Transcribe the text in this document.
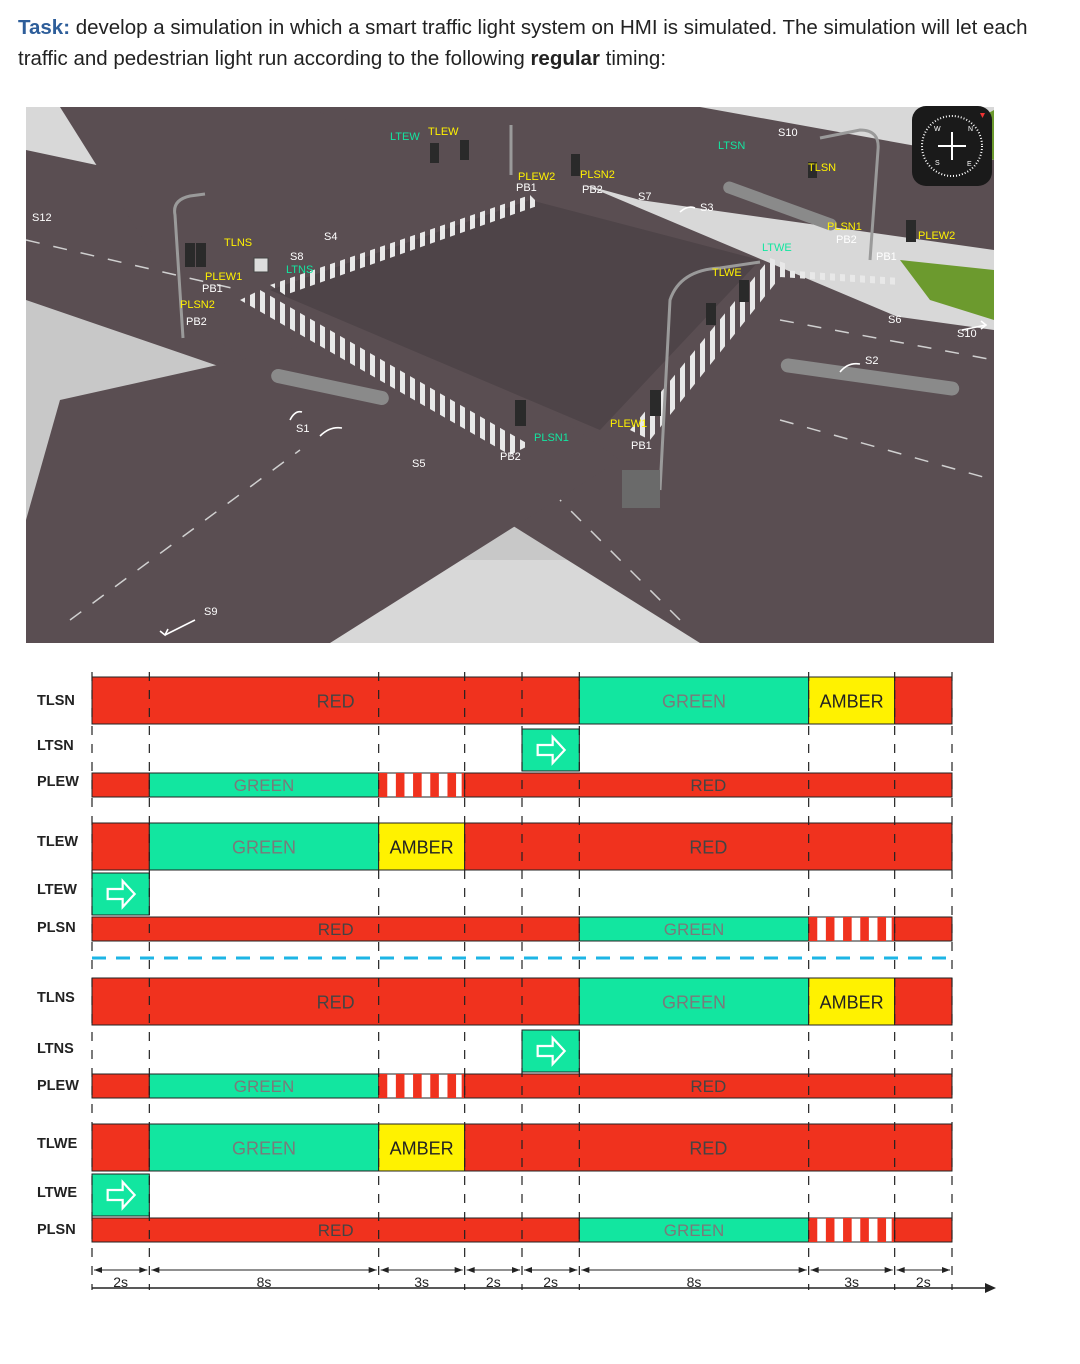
Task: develop a simulation in which a smart traffic light system on HMI is simulated. The simulation will let each traffic and pedestrian light run according to the following regular timing:
S12
TLNS
S8
LTNS
S4
PLEW1
PB1
PLSN2
PB2
LTEW TLEW
PLEW2
PB1
PLSN2
PB2
S7
S3
LTSN
S10
TLSN
PLSN1
PB2	PLEW2
PB1
LTWE
TLWE
S6
S10
S2
S1
S5
PB2
PLSN1
PLEW1
PB1
S9
N
E
S
W
TLSN	RED	GREEN	AMBER
LTSN
PLEW	GREEN	RED
TLEW	GREEN	AMBER	RED
LTEW
PLSN	RED	GREEN
TLNS	RED	GREEN	AMBER
LTNS
PLEW	GREEN	RED
TLWE	GREEN	AMBER	RED
LTWE
PLSN	RED	GREEN
2s	8s	3s	2s	2s	8s	3s	2s
